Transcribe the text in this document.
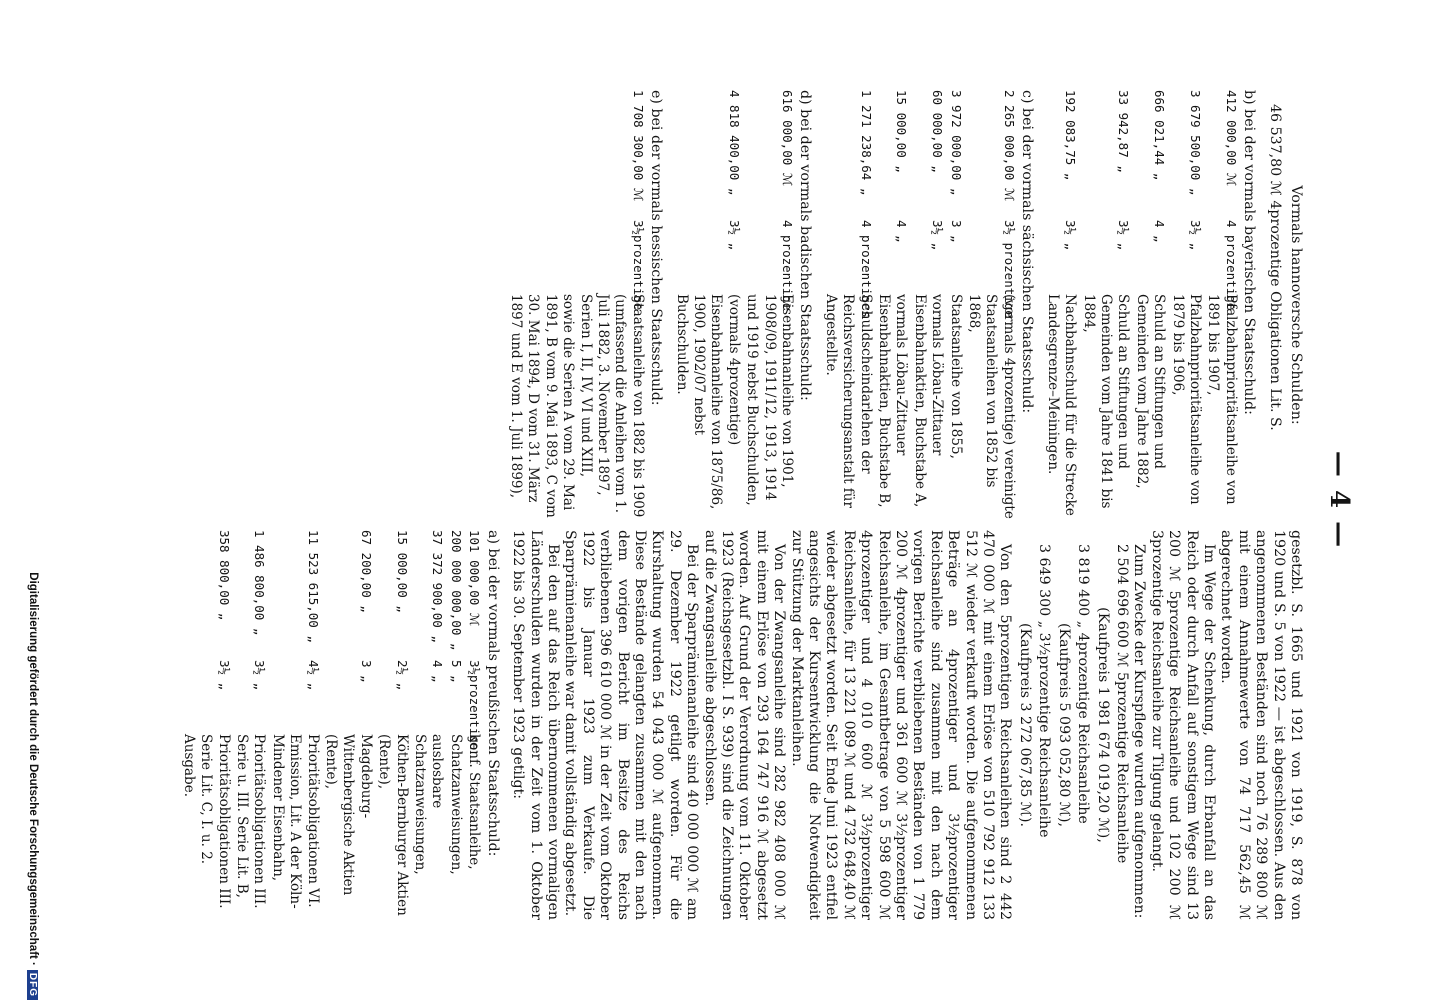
— 4 —

gesetzbl. S. 1665 und 1921 von 1919, S. 878 von 1920 und S. 5 von 1922 — ist abgeschlossen. Aus den angenommenen Beständen sind noch 76 289 800 ℳ mit einem Annahmewerte von 74 717 562,45 ℳ abgerechnet worden.

Im Wege der Schenkung, durch Erbanfall an das Reich oder durch Anfall auf sonstigem Wege sind 13 200 ℳ 5prozentige Reichsanleihe und 102 200 ℳ 3prozentige Reichsanleihe zur Tilgung gelangt.

Zum Zwecke der Kurspflege wurden aufgenommen:

2 504 696 600 ℳ 5prozentige Reichsanleihe
(Kaufpreis 1 981 674 019,20 ℳ),
3 819 400 „ 4prozentige Reichsanleihe
(Kaufpreis 5 093 052,80 ℳ),
3 649 300 „ 3½prozentige Reichsanleihe
(Kaufpreis 3 272 067,85 ℳ).

Von den 5prozentigen Reichsanleihen sind 2 442 470 000 ℳ mit einem Erlöse von 510 792 912 133 512 ℳ wieder verkauft worden. Die aufgenommenen Beträge an 4prozentiger und 3½prozentiger Reichsanleihe sind zusammen mit den nach dem vorigen Berichte verbliebenen Beständen von 1 779 200 ℳ 4prozentiger und 361 600 ℳ 3½prozentiger Reichsanleihe, im Gesamtbetrage von 5 598 600 ℳ 4prozentiger und 4 010 600 ℳ 3½prozentiger Reichsanleihe, für 13 221 089 ℳ und 4 732 648,40 ℳ wieder abgesetzt worden. Seit Ende Juni 1923 entfiel angesichts der Kursentwicklung die Notwendigkeit zur Stützung der Marktanleihen.

Von der Zwangsanleihe sind 282 982 408 000 ℳ mit einem Erlöse von 293 164 747 916 ℳ abgesetzt worden. Auf Grund der Verordnung vom 11. Oktober 1923 (Reichsgesetzbl. I S. 939) sind die Zeichnungen auf die Zwangsanleihe abgeschlossen.

Bei der Sparprämienanleihe sind 40 000 000 ℳ am 29. Dezember 1922 getilgt worden. Für die Kurshaltung wurden 54 043 000 ℳ aufgenommen. Diese Bestände gelangten zusammen mit den nach dem vorigen Bericht im Besitze des Reichs verbliebenen 396 610 000 ℳ in der Zeit vom Oktober 1922 bis Januar 1923 zum Verkaufe. Die Sparprämienanleihe war damit vollständig abgesetzt.

Bei den auf das Reich übernommenen vormaligen Länderschulden wurden in der Zeit vom 1. Oktober 1922 bis 30. September 1923 getilgt:

a) bei der vormals preußischen Staatsschuld:
101 000,00 ℳ
3½prozentige
konf. Staatsanleihe,
200 000 000,00 „
5 „
Schatzanweisungen,
37 372 900,00 „
4 „
auslosbare Schatzanweisungen,
15 000,00 „
2½ „
Köthen-Bernburger Aktien (Rente),
67 200,00 „
3 „
Magdeburg-Wittenbergische Aktien (Rente),
11 523 615,00 „
4½ „
Prioritätsobligationen VI. Emission, Lit. A der Köln-Mindener Eisenbahn,
1 486 800,00 „
3½ „
Prioritätsobligationen III. Serie u. III. Serie Lit. B,
358 800,00 „
3½ „
Prioritätsobligationen III. Serie Lit. C, I. u. 2. Ausgabe.
Vormals hannoversche Schulden:
46 537,80 ℳ 4prozentige Obligationen Lit. S.
b) bei der vormals bayerischen Staatsschuld:
412 000,00 ℳ
4 prozentige
Pfalzbahnprioritätsanleihe von 1891 bis 1907,
3 679 500,00 „
3½ „
Pfalzbahnprioritätsanleihe von 1879 bis 1906,
666 021,44 „
4 „
Schuld an Stiftungen und Gemeinden vom Jahre 1882,
33 942,87 „
3½ „
Schuld an Stiftungen und Gemeinden vom Jahre 1841 bis 1884,
192 083,75 „
3½ „
Nachbahnschuld für die Strecke Landesgrenze–Meiningen.
c) bei der vormals sächsischen Staatsschuld:
2 265 000,00 ℳ
3½ prozentige
(vormals 4prozentige) vereinigte Staatsanleihen von 1852 bis 1868,
3 972 000,00 „
3 „
Staatsanleihe von 1855,
60 000,00 „
3½ „
vormals Löbau-Zittauer Eisenbahnaktien, Buchstabe A,
15 000,00 „
4 „
vormals Löbau-Zittauer Eisenbahnaktien, Buchstabe B,
1 271 238,64 „
4 prozentiges
Schuldscheindarlehen der Reichsversicherungsanstalt für Angestellte.
d) bei der vormals badischen Staatsschuld:
616 000,00 ℳ
4 prozentige
Eisenbahnanleihe von 1901, 1908/09, 1911/12, 1913, 1914 und 1919 nebst Buchschulden,
4 818 400,00 „
3½ „
(vormals 4prozentige) Eisenbahnanleihe von 1875/86, 1900, 1902/07 nebst Buchschulden.
e) bei der vormals hessischen Staatsschuld:
1 708 300,00 ℳ
3½prozentige
Staatsanleihe von 1882 bis 1909 (umfassend die Anleihen vom 1. Juli 1882, 3. November 1897, Serien I, II, IV, VI und XIII, sowie die Serien A vom 29. Mai 1891, B vom 9. Mai 1893, C vom 30. Mai 1894, D vom 31. März 1897 und E vom 1. Juli 1899),
Digitalisierung gefördert durch die Deutsche Forschungsgemeinschaft ·DFG
